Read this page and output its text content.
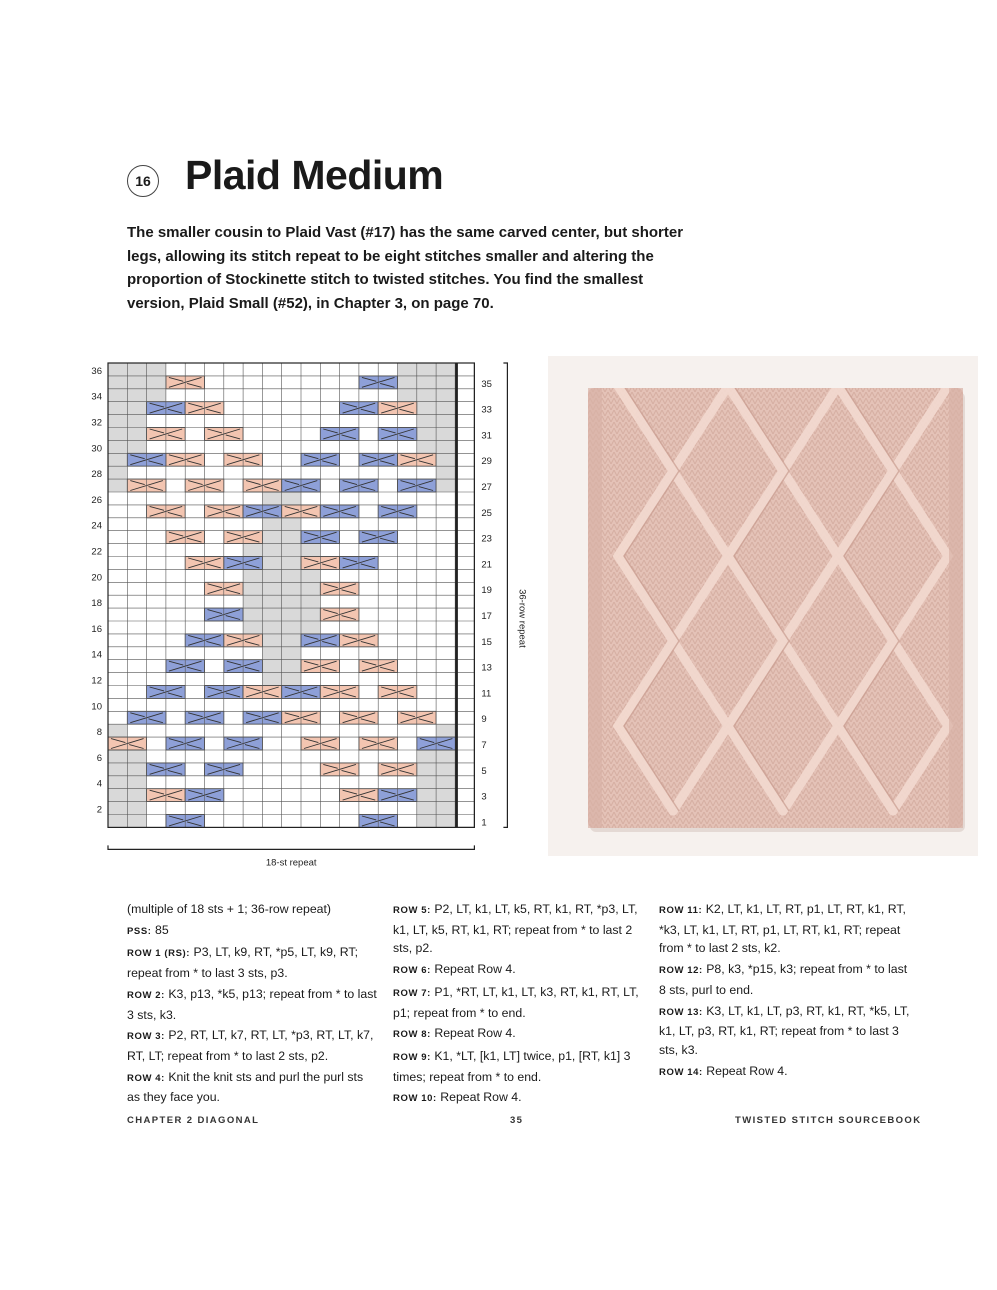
16 Plaid Medium
The smaller cousin to Plaid Vast (#17) has the same carved center, but shorter legs, allowing its stitch repeat to be eight stitches smaller and altering the proportion of Stockinette stitch to twisted stitches. You find the smallest version, Plaid Small (#52), in Chapter 3, on page 70.
36
34
32
30
28
26
24
22
20
18
16
14
12
10
8
6
4
2
35
33
31
29
27
25
23
21
19
17
15
13
11
9
7
5
3
1
36-row repeat
18-st repeat

(multiple of 18 sts + 1; 36-row repeat)

PSS: 85

ROW 1 (RS): P3, LT, k9, RT, *p5, LT, k9, RT; repeat from * to last 3 sts, p3.

ROW 2: K3, p13, *k5, p13; repeat from * to last 3 sts, k3.

ROW 3: P2, RT, LT, k7, RT, LT, *p3, RT, LT, k7, RT, LT; repeat from * to last 2 sts, p2.

ROW 4: Knit the knit sts and purl the purl sts as they face you.

ROW 5: P2, LT, k1, LT, k5, RT, k1, RT, *p3, LT, k1, LT, k5, RT, k1, RT; repeat from * to last 2 sts, p2.

ROW 6: Repeat Row 4.

ROW 7: P1, *RT, LT, k1, LT, k3, RT, k1, RT, LT, p1; repeat from * to end.

ROW 8: Repeat Row 4.

ROW 9: K1, *LT, [k1, LT] twice, p1, [RT, k1] 3 times; repeat from * to end.

ROW 10: Repeat Row 4.

ROW 11: K2, LT, k1, LT, RT, p1, LT, RT, k1, RT, *k3, LT, k1, LT, RT, p1, LT, RT, k1, RT; repeat from * to last 2 sts, k2.

ROW 12: P8, k3, *p15, k3; repeat from * to last 8 sts, purl to end.

ROW 13: K3, LT, k1, LT, p3, RT, k1, RT, *k5, LT, k1, LT, p3, RT, k1, RT; repeat from * to last 3 sts, k3.

ROW 14: Repeat Row 4.

CHAPTER 2 DIAGONAL	35	TWISTED STITCH SOURCEBOOK
